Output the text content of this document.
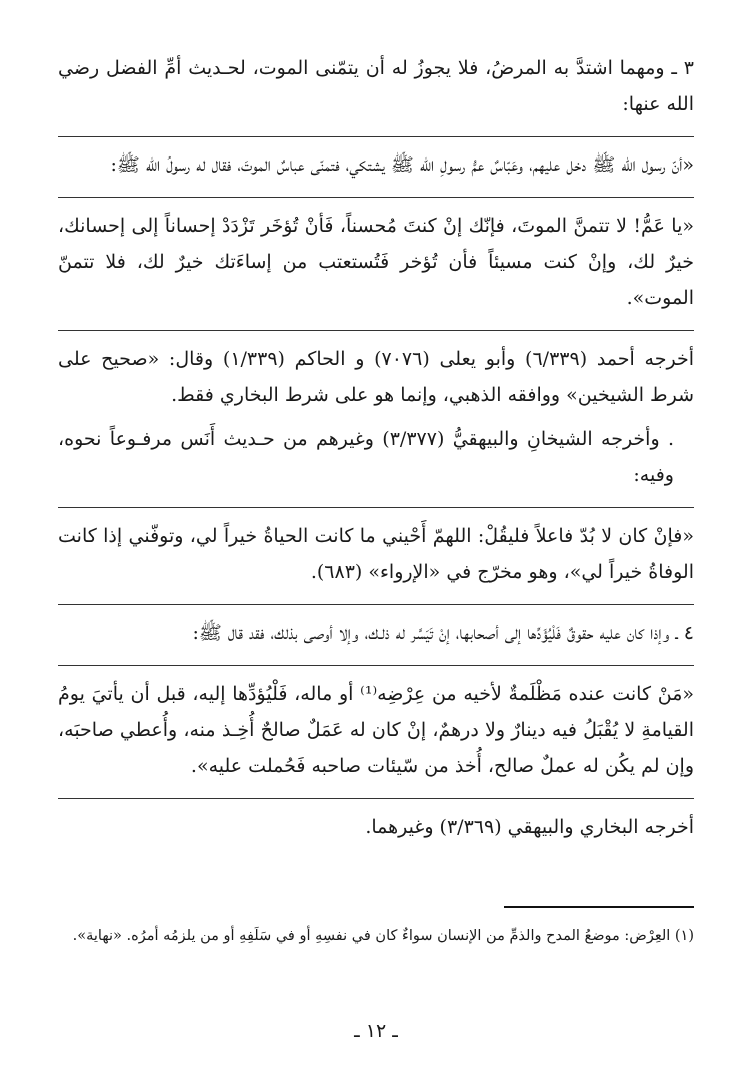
٣ ـ ومهما اشتدَّ به المرضُ، فلا يجوزُ له أن يتمّنى الموت، لحـديث أمِّ الفضل رضي الله عنها:

«أنّ رسول الله ﷺ دخل عليهم، وعَبّاسٌ عمُّ رسولِ الله ﷺ يشتكي، فتمنّى عباسٌ الموتَ، فقال له رسولُ الله ﷺ:

«يا عَمُّ! لا تتمنَّ الموتَ، فإنّك إنْ كنتَ مُحسناً، فَأنْ تُؤخَر تَزْدَدْ إحساناً إلى إحسانك، خيرٌ لك، وإنْ كنت مسيئاً فأن تُؤخر فَتُستعتب من إساءَتك خيرٌ لك، فلا تتمنّ الموت».

أخرجه أحمد (٦/٣٣٩) وأبو يعلى (٧٠٧٦) و الحاكم (١/٣٣٩) وقال: «صحيح على شرط الشيخين» ووافقه الذهبي، وإنما هو على شرط البخاري فقط.

. وأخرجه الشيخانِ والبيهقيُّ (٣/٣٧٧) وغيرهم من حـديث أَنَس مرفـوعاً نحوه، وفيه:

«فإنْ كان لا بُدّ فاعلاً فليقُلْ: اللهمّ أَحْيني ما كانت الحياةُ خيراً لي، وتوفّني إذا كانت الوفاةُ خيراً لي»، وهو مخرّج في «الإرواء» (٦٨٣).

٤ ـ وإذا كان عليه حقوقٌ فَلْيُؤَدِّها إلى أصحابها، إنْ تَيَسَّر له ذلـك، وإلا أوصى بذلك، فقد قال ﷺ:

«مَنْ كانت عنده مَظْلَمةٌ لأخيه من عِرْضِه⁽¹⁾ أو ماله، فَلْيُؤدِّها إليه، قبل أن يأتيَ يومُ القيامةِ لا يُقْبَلُ فيه دينارٌ ولا درهمٌ، إنْ كان له عَمَلٌ صالحٌ أُخِـذ منه، وأُعطي صاحبَه، وإن لم يكُن له عملٌ صالح، أُخذ من سّيئات صاحبه فَحُملت عليه».

أخرجه البخاري والبيهقي (٣/٣٦٩) وغيرهما.

(١) العِرْض: موضعُ المدح والذمِّ من الإنسان سواءٌ كان في نفسِهِ أو في سَلَفِهِ أو من يلزمُه أمرُه. «نهاية».
ـ ١٢ ـ
